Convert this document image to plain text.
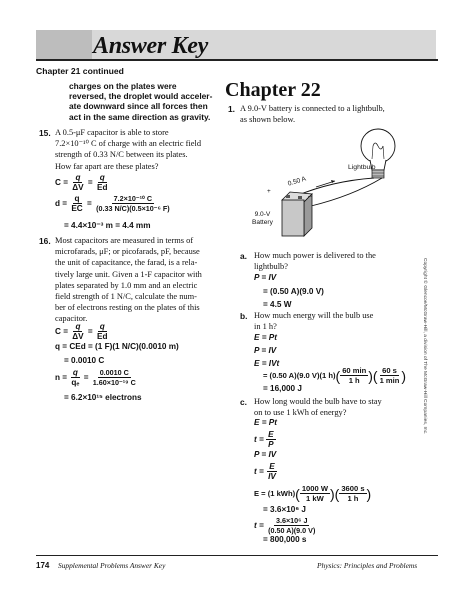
Answer Key
Chapter 21 continued
charges on the plates were
reversed, the droplet would acceler-
ate downward since all forces then
act in the same direction as gravity.
15. A 0.5-μF capacitor is able to store
7.2×10⁻¹⁰ C of charge with an electric field
strength of 0.33 N/C between its plates.
How far apart are these plates?
C =
$\frac{q}{\Delta V}$
=
$\frac{q}{Ed}$
d =
$\frac{q}{EC}$
=
$\frac{\text{7.2×10⁻¹⁰ C}}{\text{(0.33 N/C)(0.5×10⁻⁶ F)}}$
= 4.4×10⁻³ m = 4.4 mm
16. Most capacitors are measured in terms of
microfarads, μF; or picofarads, pF, because
the unit of capacitance, the farad, is a rela-
tively large unit. Given a 1-F capacitor with
plates separated by 1.0 mm and an electric
field strength of 1 N/C, calculate the num-
ber of electrons resting on the plates of this
capacitor.
C =
$\frac{q}{\Delta V}$
=
$\frac{q}{Ed}$
q = CEd = (1 F)(1 N/C)(0.0010 m)
= 0.0010 C
n =
$\frac{q}{\text{qₑ}}$
=
$\frac{0.0010 C}{\text{1.60×10⁻¹⁹ C}}$
= 6.2×10¹⁵ electrons
Chapter 22
1. A 9.0-V battery is connected to a lightbulb,
as shown below.
Lightbulb
0.50 A
+
–
9.0-V
Battery
a. How much power is delivered to the
lightbulb?
P = IV
= (0.50 A)(9.0 V)
= 4.5 W
b. How much energy will the bulb use
in 1 h?
E = Pt
P = IV
E = IVt
= (0.50 A)(9.0 V)(1 h) ( $\frac{60 \min}{1 h}$ )( $\frac{60 s}{1 \min}$ )
= 16,000 J
c. How long would the bulb have to stay
on to use 1 kWh of energy?
E = Pt
t =
$\frac{E}{P}$
P = IV
t =
$\frac{E}{IV}$
E = (1 kWh) ( $\frac{1000 W}{1 kW}$ )( $\frac{3600 s}{1 h}$ )
= 3.6×10⁶ J
t =
$\frac{\text{3.6×10⁶ J}}{(0.50 A)(9.0 V)}$
= 800,000 s
Copyright © Glencoe/McGraw-Hill, a division of The McGraw-Hill Companies, Inc.
174 Supplemental Problems Answer Key	Physics: Principles and Problems
